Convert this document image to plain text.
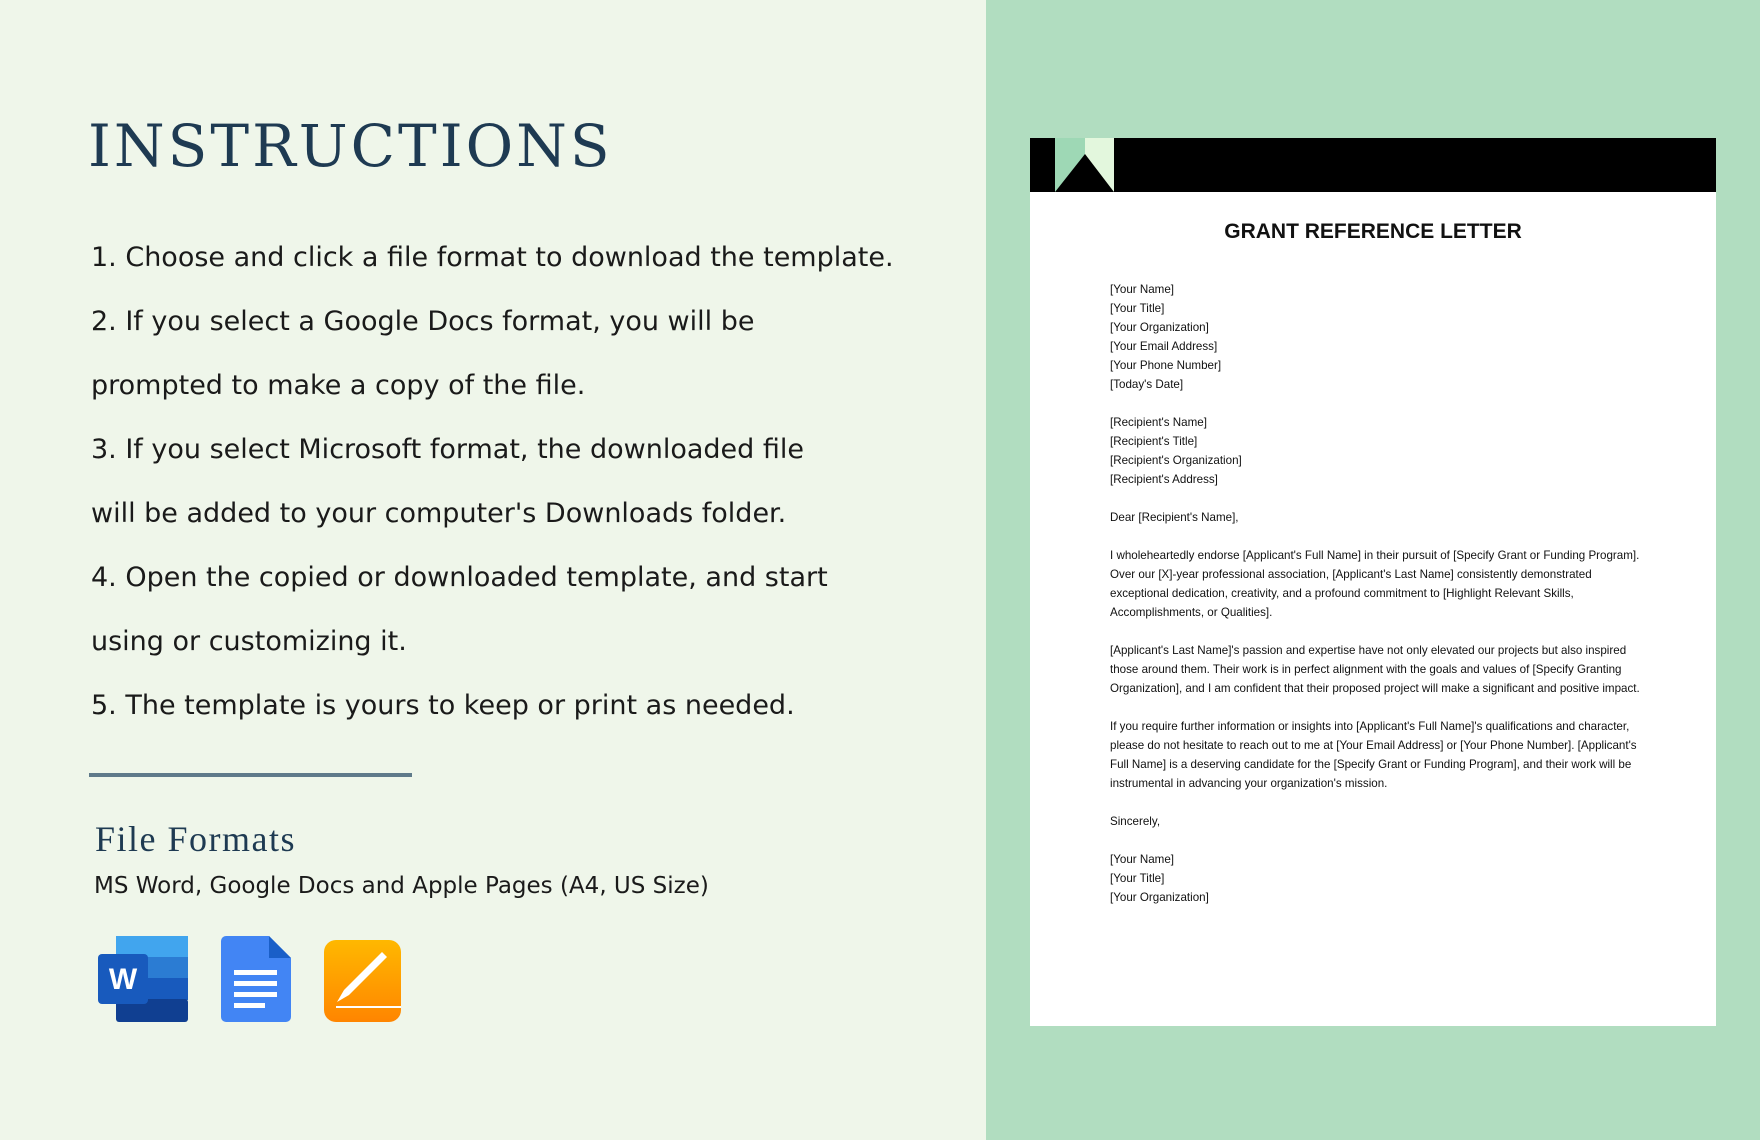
INSTRUCTIONS
1. Choose and click a file format to download the template.
2. If you select a Google Docs format, you will be
prompted to make a copy of the file.
3. If you select Microsoft format, the downloaded file
will be added to your computer's Downloads folder.
4. Open the copied or downloaded template, and start
using or customizing it.
5. The template is yours to keep or print as needed.
File Formats
MS Word, Google Docs and Apple Pages (A4, US Size)
W
GRANT REFERENCE LETTER

[Your Name]
[Your Title]
[Your Organization]
[Your Email Address]
[Your Phone Number]
[Today's Date]

[Recipient's Name]
[Recipient's Title]
[Recipient's Organization]
[Recipient's Address]

Dear [Recipient's Name],

I wholeheartedly endorse [Applicant's Full Name] in their pursuit of [Specify Grant or Funding Program]. Over our [X]-year professional association, [Applicant's Last Name] consistently demonstrated exceptional dedication, creativity, and a profound commitment to [Highlight Relevant Skills, Accomplishments, or Qualities].

[Applicant's Last Name]'s passion and expertise have not only elevated our projects but also inspired those around them. Their work is in perfect alignment with the goals and values of [Specify Granting Organization], and I am confident that their proposed project will make a significant and positive impact.

If you require further information or insights into [Applicant's Full Name]'s qualifications and character, please do not hesitate to reach out to me at [Your Email Address] or [Your Phone Number]. [Applicant's Full Name] is a deserving candidate for the [Specify Grant or Funding Program], and their work will be instrumental in advancing your organization's mission.

Sincerely,

[Your Name]
[Your Title]
[Your Organization]
